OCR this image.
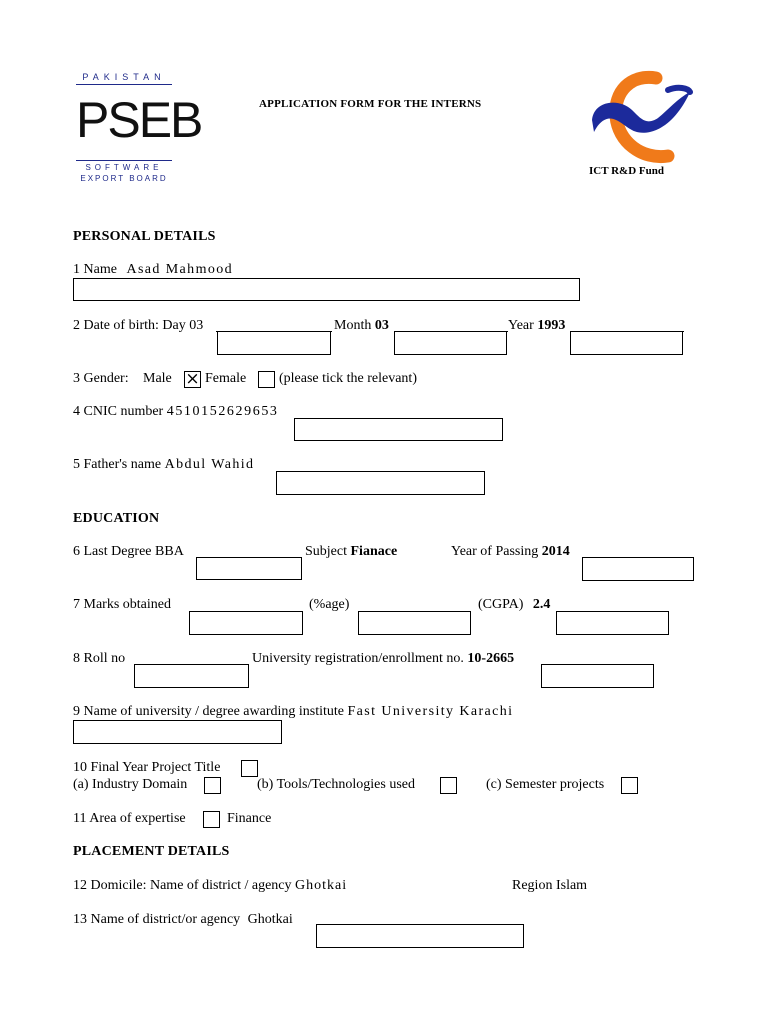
PAKISTAN
PSEB
SOFTWARE
EXPORT BOARD
APPLICATION FORM FOR THE INTERNS
ICT R&D Fund
PERSONAL DETAILS
1 Name Asad Mahmood
2 Date of birth: Day 03	Month 03	Year 1993
3 Gender: Male × Female (please tick the relevant)
4 CNIC number 4510152629653
5 Father's name Abdul Wahid
EDUCATION
6 Last Degree BBA	Subject Fianace	Year of Passing 2014
7 Marks obtained	(%age)	(CGPA) 2.4
8 Roll no	University registration/enrollment no. 10-2665
9 Name of university / degree awarding institute Fast University Karachi
10 Final Year Project Title
(a) Industry Domain	(b) Tools/Technologies used	(c) Semester projects
11 Area of expertise	Finance
PLACEMENT DETAILS
12 Domicile: Name of district / agency Ghotkai	Region Islam
13 Name of district/or agency Ghotkai
